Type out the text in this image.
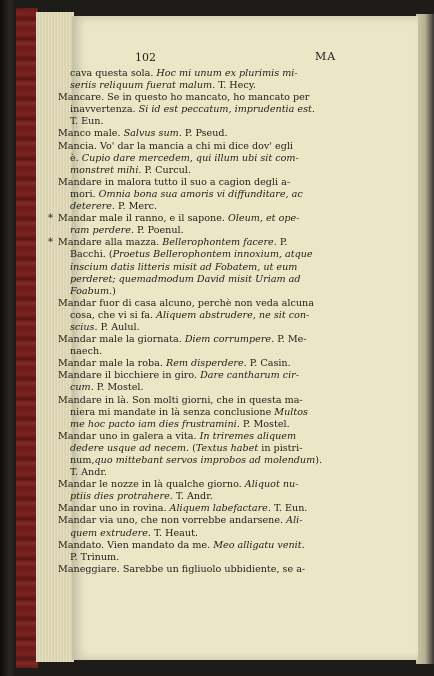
102	MA
cava questa sola. Hoc mi unum ex plurimis mi-
seriis reliquum fuerat malum. T. Hecy.
Mancare. Se in questo ho mancato, ho mancato per
inavvertenza. Si id est peccatum, imprudentia est.
T. Eun.
Manco male. Salvus sum. P. Pseud.
Mancia. Vo' dar la mancia a chi mi dice dov' egli
è. Cupio dare mercedem, qui illum ubi sit com-
monstret mihi. P. Curcul.
Mandare in malora tutto il suo a cagion degli a-
mori. Omnia bona sua amoris vi diffunditare, ac
deterere. P. Merc.
* Mandar male il ranno, e il sapone. Oleum, et ope-
ram perdere. P. Poenul.
* Mandare alla mazza. Bellerophontem facere. P.
Bacchi. (Proetus Bellerophontem innoxium, atque
inscium datis litteris misit ad Fobatem, ut eum
perderet; quemadmodum David misit Uriam ad
Foabum.)
Mandar fuor di casa alcuno, perchè non veda alcuna
cosa, che vi si fa. Aliquem abstrudere, ne sit con-
scius. P. Aulul.
Mandar male la giornata. Diem corrumpere. P. Me-
naech.
Mandar male la roba. Rem disperdere. P. Casin.
Mandare il bicchiere in giro. Dare cantharum cir-
cum. P. Mostel.
Mandare in là. Son molti giorni, che in questa ma-
niera mi mandate in là senza conclusione Multos
me hoc pacto iam dies frustramini. P. Mostel.
Mandar uno in galera a vita. In triremes aliquem
dedere usque ad necem. (Textus habet in pistri-
num,quo mittebant servos improbos ad molendum).
T. Andr.
Mandar le nozze in là qualche giorno. Aliquot nu-
ptiis dies protrahere. T. Andr.
Mandar uno in rovina. Aliquem labefactare. T. Eun.
Mandar via uno, che non vorrebbe andarsene. Ali-
quem extrudere. T. Heaut.
Mandato. Vien mandato da me. Meo alligatu venit.
P. Trinum.
Maneggiare. Sarebbe un figliuolo ubbidiente, se a-
